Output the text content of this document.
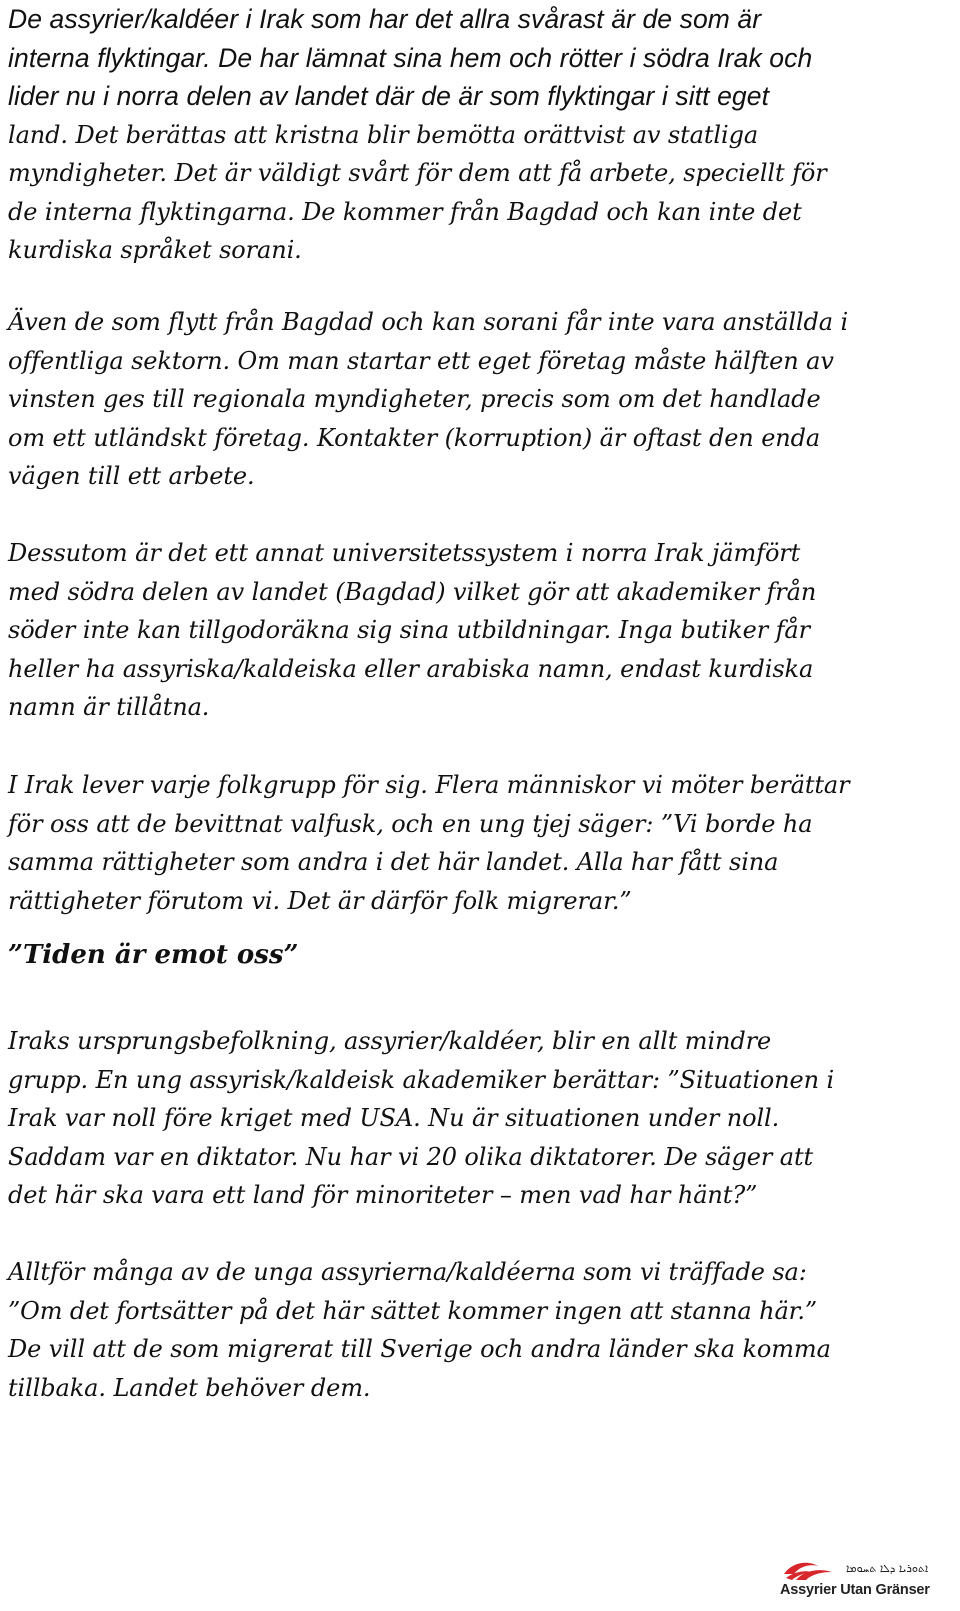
De assyrier/kaldéer i Irak som har det allra svårast är de som är
interna flyktingar. De har lämnat sina hem och rötter i södra Irak och
lider nu i norra delen av landet där de är som flyktingar i sitt eget
land. Det berättas att kristna blir bemötta orättvist av statliga
myndigheter. Det är väldigt svårt för dem att få arbete, speciellt för
de interna flyktingarna. De kommer från Bagdad och kan inte det
kurdiska språket sorani.
Även de som flytt från Bagdad och kan sorani får inte vara anställda i
offentliga sektorn. Om man startar ett eget företag måste hälften av
vinsten ges till regionala myndigheter, precis som om det handlade
om ett utländskt företag. Kontakter (korruption) är oftast den enda
vägen till ett arbete.
Dessutom är det ett annat universitetssystem i norra Irak jämfört
med södra delen av landet (Bagdad) vilket gör att akademiker från
söder inte kan tillgodoräkna sig sina utbildningar. Inga butiker får
heller ha assyriska/kaldeiska eller arabiska namn, endast kurdiska
namn är tillåtna.
I Irak lever varje folkgrupp för sig. Flera människor vi möter berättar
för oss att de bevittnat valfusk, och en ung tjej säger: ”Vi borde ha
samma rättigheter som andra i det här landet. Alla har fått sina
rättigheter förutom vi. Det är därför folk migrerar.”
”Tiden är emot oss”
Iraks ursprungsbefolkning, assyrier/kaldéer, blir en allt mindre
grupp. En ung assyrisk/kaldeisk akademiker berättar: ”Situationen i
Irak var noll före kriget med USA. Nu är situationen under noll.
Saddam var en diktator. Nu har vi 20 olika diktatorer. De säger att
det här ska vara ett land för minoriteter – men vad har hänt?”
Alltför många av de unga assyrierna/kaldéerna som vi träffade sa:
”Om det fortsätter på det här sättet kommer ingen att stanna här.”
De vill att de som migrerat till Sverige och andra länder ska komma
tillbaka. Landet behöver dem.
ܐܬܘܪܝܐ ܕܠܐ ܬܚܘܡܐ
Assyrier Utan Gränser
